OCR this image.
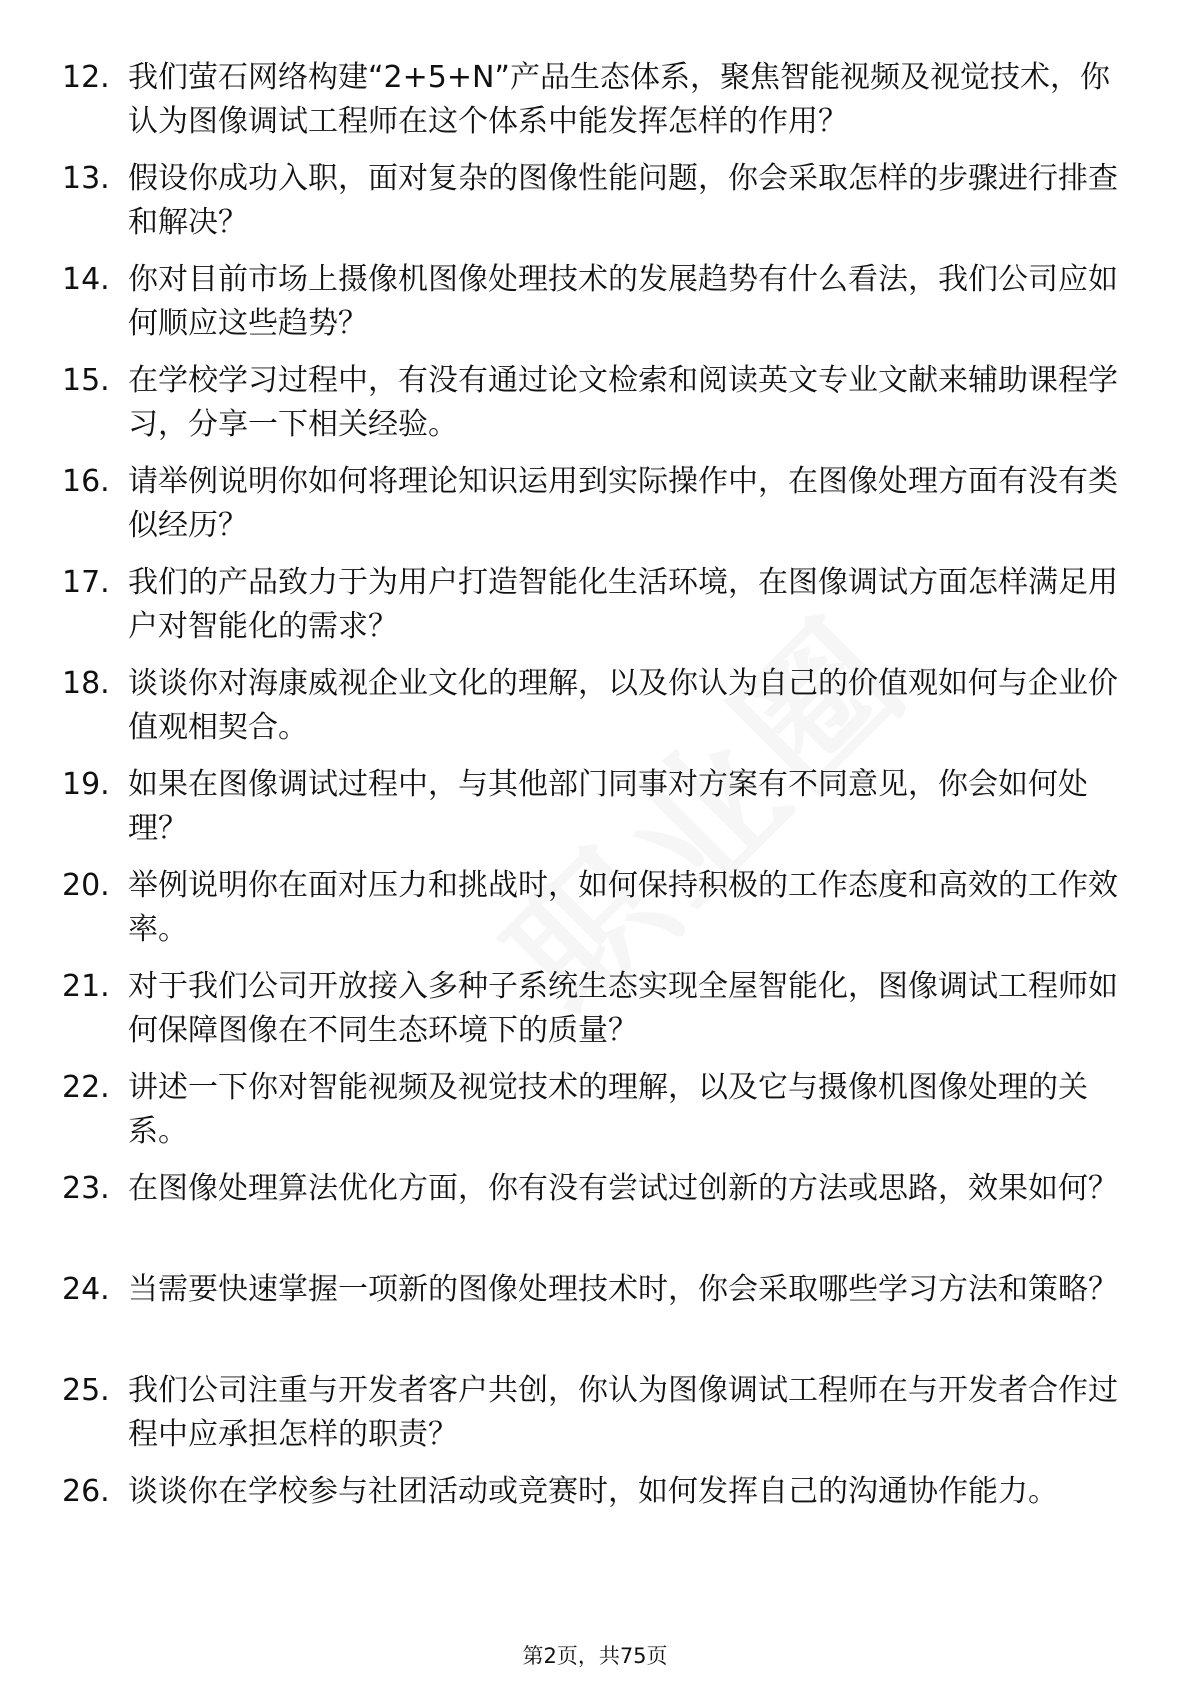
12. 我们萤石网络构建“2+5+N”产品生态体系，聚焦智能视频及视觉技术，你认为图像调试工程师在这个体系中能发挥怎样的作用？
13. 假设你成功入职，面对复杂的图像性能问题，你会采取怎样的步骤进行排查和解决？
14. 你对目前市场上摄像机图像处理技术的发展趋势有什么看法，我们公司应如何顺应这些趋势？
15. 在学校学习过程中，有没有通过论文检索和阅读英文专业文献来辅助课程学习，分享一下相关经验。
16. 请举例说明你如何将理论知识运用到实际操作中，在图像处理方面有没有类似经历？
17. 我们的产品致力于为用户打造智能化生活环境，在图像调试方面怎样满足用户对智能化的需求？
18. 谈谈你对海康威视企业文化的理解，以及你认为自己的价值观如何与企业价值观相契合。
19. 如果在图像调试过程中，与其他部门同事对方案有不同意见，你会如何处理？
20. 举例说明你在面对压力和挑战时，如何保持积极的工作态度和高效的工作效率。
21. 对于我们公司开放接入多种子系统生态实现全屋智能化，图像调试工程师如何保障图像在不同生态环境下的质量？
22. 讲述一下你对智能视频及视觉技术的理解，以及它与摄像机图像处理的关系。
23. 在图像处理算法优化方面，你有没有尝试过创新的方法或思路，效果如何？
24. 当需要快速掌握一项新的图像处理技术时，你会采取哪些学习方法和策略？
25. 我们公司注重与开发者客户共创，你认为图像调试工程师在与开发者合作过程中应承担怎样的职责？
26. 谈谈你在学校参与社团活动或竞赛时，如何发挥自己的沟通协作能力。
第2页，共75页
